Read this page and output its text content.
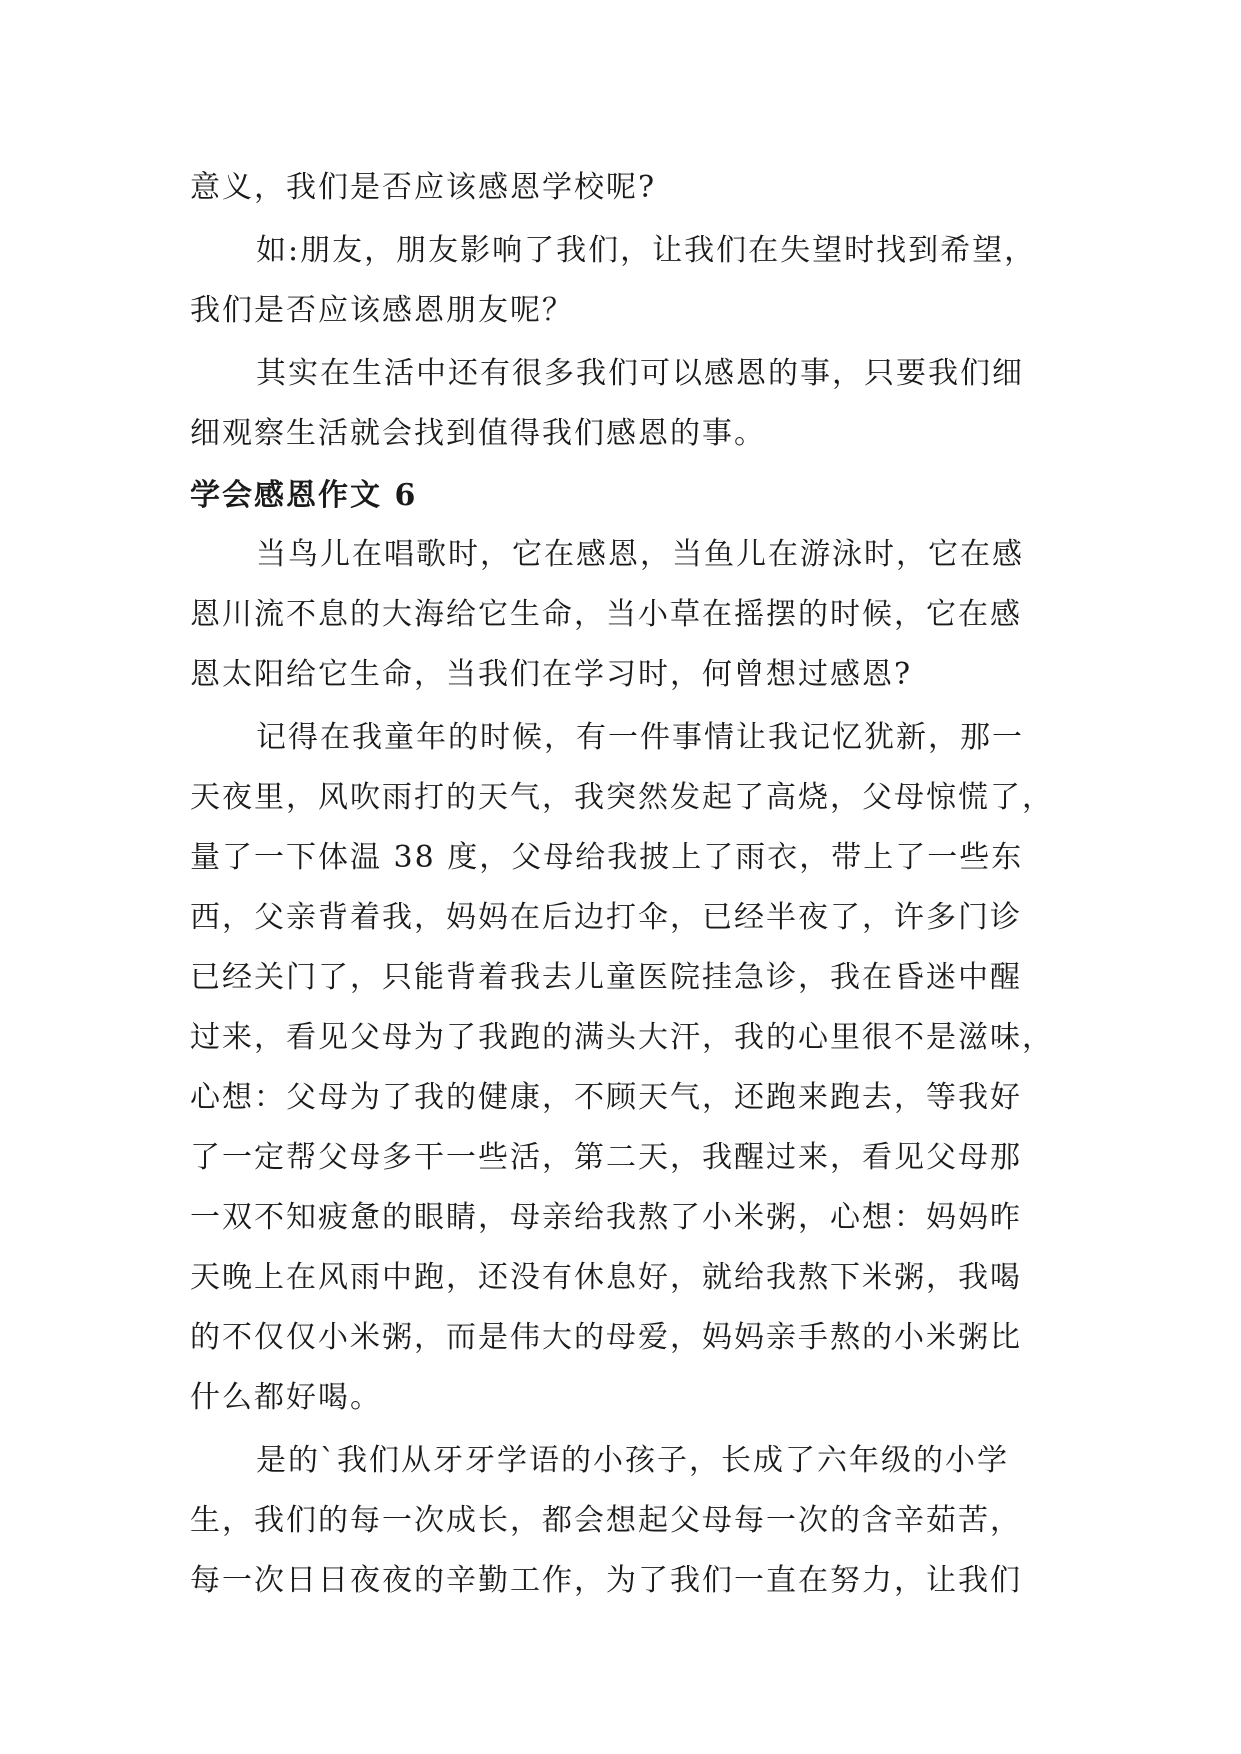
意义，我们是否应该感恩学校呢?

如:朋友，朋友影响了我们，让我们在失望时找到希望，

我们是否应该感恩朋友呢？

其实在生活中还有很多我们可以感恩的事，只要我们细

细观察生活就会找到值得我们感恩的事。

学会感恩作文 6

当鸟儿在唱歌时，它在感恩，当鱼儿在游泳时，它在感

恩川流不息的大海给它生命，当小草在摇摆的时候，它在感

恩太阳给它生命，当我们在学习时，何曾想过感恩?

记得在我童年的时候，有一件事情让我记忆犹新，那一

天夜里，风吹雨打的天气，我突然发起了高烧，父母惊慌了，

量了一下体温 38 度，父母给我披上了雨衣，带上了一些东

西，父亲背着我，妈妈在后边打伞，已经半夜了，许多门诊

已经关门了，只能背着我去儿童医院挂急诊，我在昏迷中醒

过来，看见父母为了我跑的满头大汗，我的心里很不是滋味，

心想：父母为了我的健康，不顾天气，还跑来跑去，等我好

了一定帮父母多干一些活，第二天，我醒过来，看见父母那

一双不知疲惫的眼睛，母亲给我熬了小米粥，心想：妈妈昨

天晚上在风雨中跑，还没有休息好，就给我熬下米粥，我喝

的不仅仅小米粥，而是伟大的母爱，妈妈亲手熬的小米粥比

什么都好喝。

是的`我们从牙牙学语的小孩子，长成了六年级的小学

生，我们的每一次成长，都会想起父母每一次的含辛茹苦，

每一次日日夜夜的辛勤工作，为了我们一直在努力，让我们
